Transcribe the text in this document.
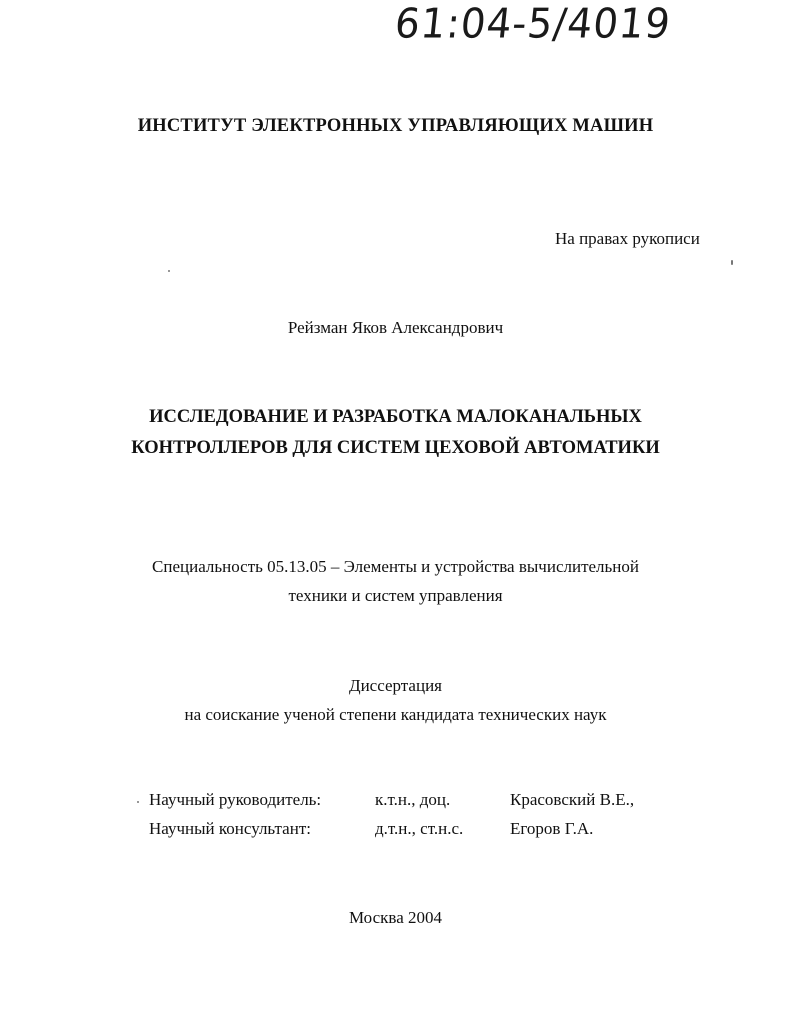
61:04-5/4019
ИНСТИТУТ ЭЛЕКТРОННЫХ УПРАВЛЯЮЩИХ МАШИН
На правах рукописи
Рейзман Яков Александрович
ИССЛЕДОВАНИЕ И РАЗРАБОТКА МАЛОКАНАЛЬНЫХ
КОНТРОЛЛЕРОВ ДЛЯ СИСТЕМ ЦЕХОВОЙ АВТОМАТИКИ
Специальность 05.13.05 – Элементы и устройства вычислительной
техники и систем управления
Диссертация
на соискание ученой степени кандидата технических наук
Научный руководитель:	к.т.н., доц.	Красовский В.Е.,
Научный консультант:	д.т.н., ст.н.с.	Егоров Г.А.
Москва 2004
